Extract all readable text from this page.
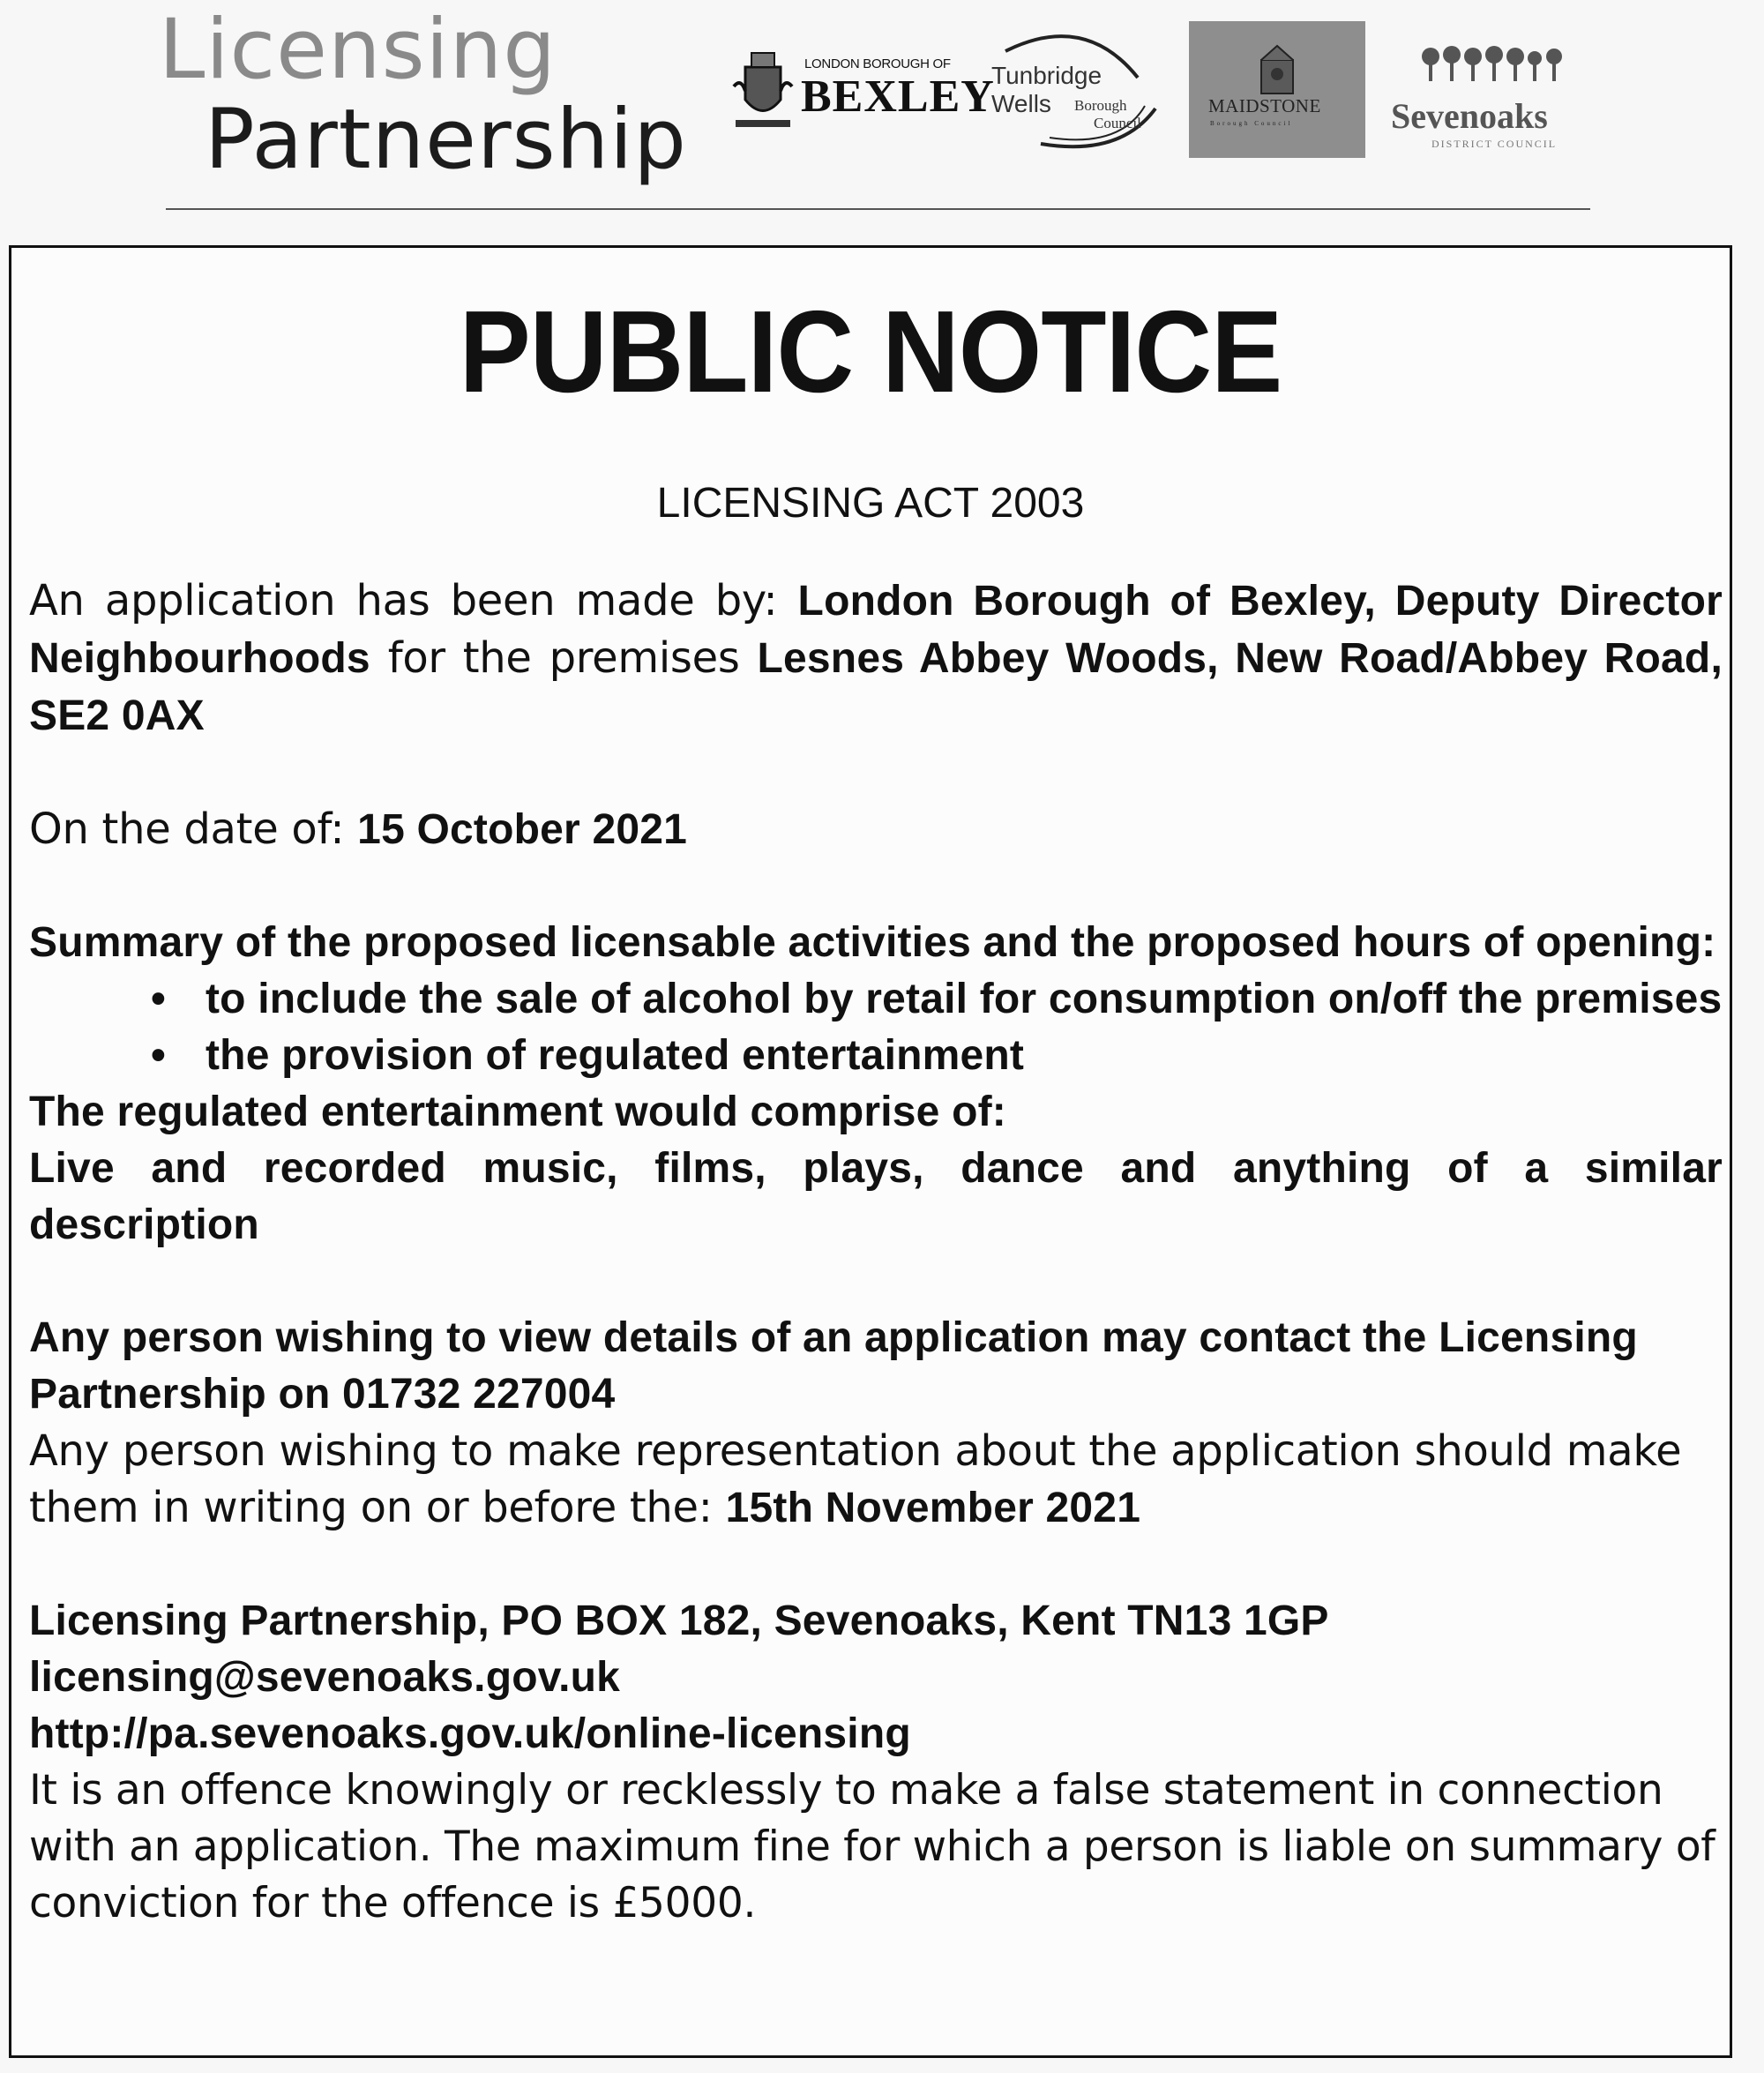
Licensing
Partnership
LONDON BOROUGH OF
BEXLEY
Tunbridge
Wells Borough
Council
MAIDSTONE
Borough Council	Sevenoaks
DISTRICT COUNCIL
PUBLIC NOTICE
LICENSING ACT 2003

An application has been made by: London Borough of Bexley, Deputy Director Neighbourhoods for the premises Lesnes Abbey Woods, New Road/Abbey Road, SE2 0AX

On the date of: 15 October 2021

Summary of the proposed licensable activities and the proposed hours of opening:

• to include the sale of alcohol by retail for consumption on/off the premises
• the provision of regulated entertainment

The regulated entertainment would comprise of:

Live and recorded music, films, plays, dance and anything of a similar description

Any person wishing to view details of an application may contact the Licensing Partnership on 01732 227004

Any person wishing to make representation about the application should make them in writing on or before the: 15th November 2021

Licensing Partnership, PO BOX 182, Sevenoaks, Kent TN13 1GP

licensing@sevenoaks.gov.uk

http://pa.sevenoaks.gov.uk/online-licensing

It is an offence knowingly or recklessly to make a false statement in connection with an application. The maximum fine for which a person is liable on summary of conviction for the offence is £5000.
